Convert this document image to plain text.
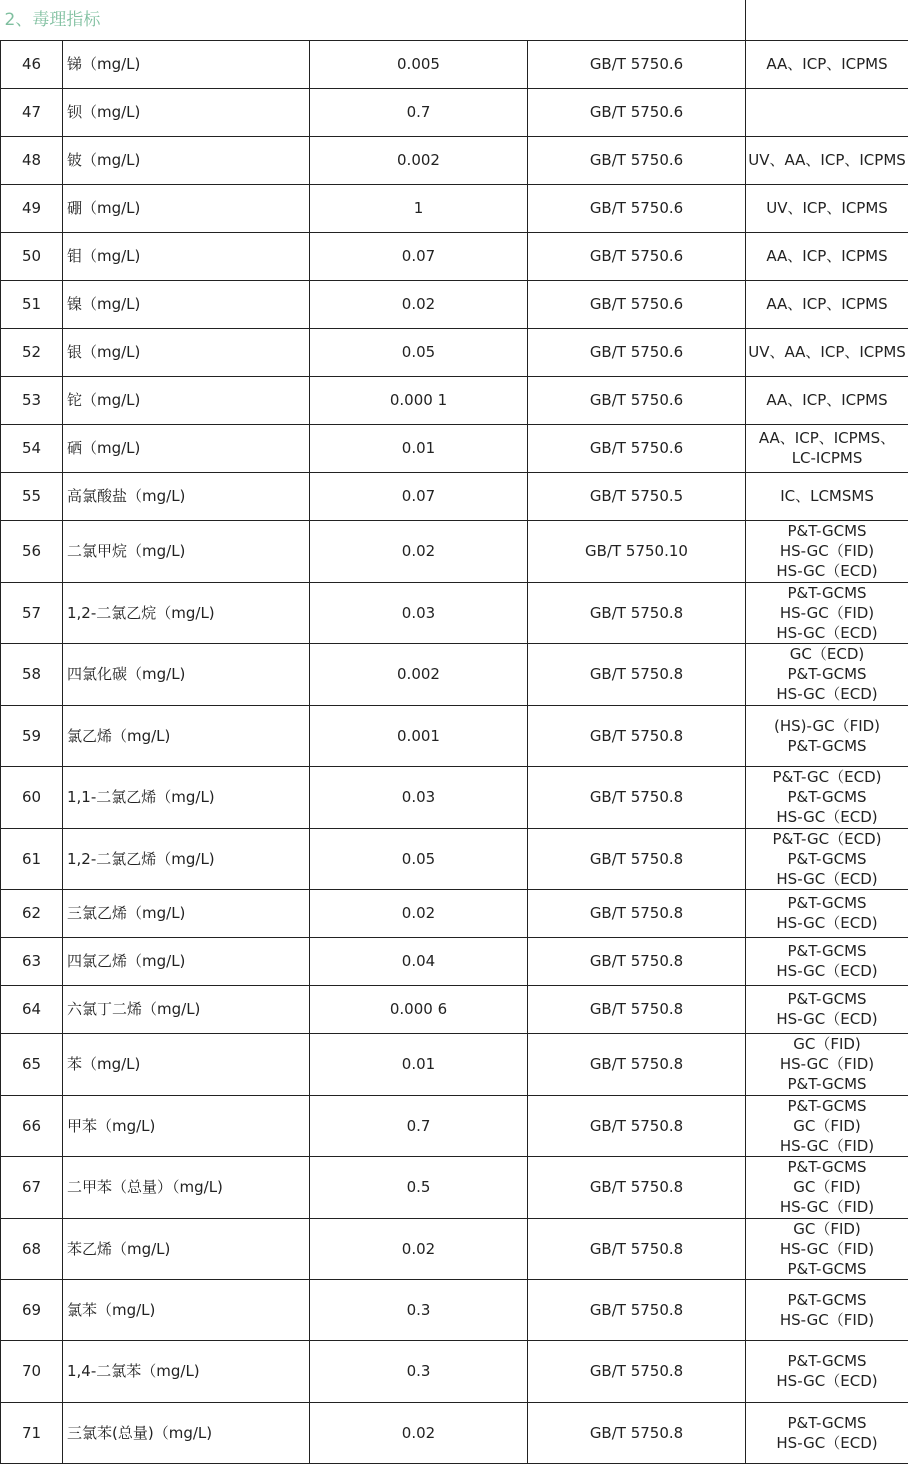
2、毒理指标				
46	锑（mg/L)	0.005	GB/T 5750.6	AA、ICP、ICPMS

47	钡（mg/L)	0.7	GB/T 5750.6	

48	铍（mg/L)	0.002	GB/T 5750.6	UV、AA、ICP、ICPMS

49	硼（mg/L)	1	GB/T 5750.6	UV、ICP、ICPMS

50	钼（mg/L)	0.07	GB/T 5750.6	AA、ICP、ICPMS

51	镍（mg/L)	0.02	GB/T 5750.6	AA、ICP、ICPMS

52	银（mg/L)	0.05	GB/T 5750.6	UV、AA、ICP、ICPMS

53	铊（mg/L)	0.000 1	GB/T 5750.6	AA、ICP、ICPMS

54	硒（mg/L)	0.01	GB/T 5750.6	AA、ICP、ICPMS、
LC-ICPMS

55	高氯酸盐（mg/L)	0.07	GB/T 5750.5	IC、LCMSMS

56	二氯甲烷（mg/L)	0.02	GB/T 5750.10	P&T-GCMS
HS-GC（FID)
HS-GC（ECD)

57	1,2-二氯乙烷（mg/L)	0.03	GB/T 5750.8	P&T-GCMS
HS-GC（FID)
HS-GC（ECD)

58	四氯化碳（mg/L)	0.002	GB/T 5750.8	GC（ECD)
P&T-GCMS
HS-GC（ECD)

59	氯乙烯（mg/L)	0.001	GB/T 5750.8	(HS)-GC（FID)
P&T-GCMS

60	1,1-二氯乙烯（mg/L)	0.03	GB/T 5750.8	P&T-GC（ECD)
P&T-GCMS
HS-GC（ECD)

61	1,2-二氯乙烯（mg/L)	0.05	GB/T 5750.8	P&T-GC（ECD)
P&T-GCMS
HS-GC（ECD)

62	三氯乙烯（mg/L)	0.02	GB/T 5750.8	P&T-GCMS
HS-GC（ECD)

63	四氯乙烯（mg/L)	0.04	GB/T 5750.8	P&T-GCMS
HS-GC（ECD)

64	六氯丁二烯（mg/L)	0.000 6	GB/T 5750.8	P&T-GCMS
HS-GC（ECD)

65	苯（mg/L)	0.01	GB/T 5750.8	GC（FID)
HS-GC（FID)
P&T-GCMS

66	甲苯（mg/L)	0.7	GB/T 5750.8	P&T-GCMS
GC（FID)
HS-GC（FID)

67	二甲苯（总量）（mg/L)	0.5	GB/T 5750.8	P&T-GCMS
GC（FID)
HS-GC（FID)

68	苯乙烯（mg/L)	0.02	GB/T 5750.8	GC（FID)
HS-GC（FID)
P&T-GCMS

69	氯苯（mg/L)	0.3	GB/T 5750.8	P&T-GCMS
HS-GC（FID)

70	1,4-二氯苯（mg/L)	0.3	GB/T 5750.8	P&T-GCMS
HS-GC（ECD)

71	三氯苯(总量)（mg/L)	0.02	GB/T 5750.8	P&T-GCMS
HS-GC（ECD)
